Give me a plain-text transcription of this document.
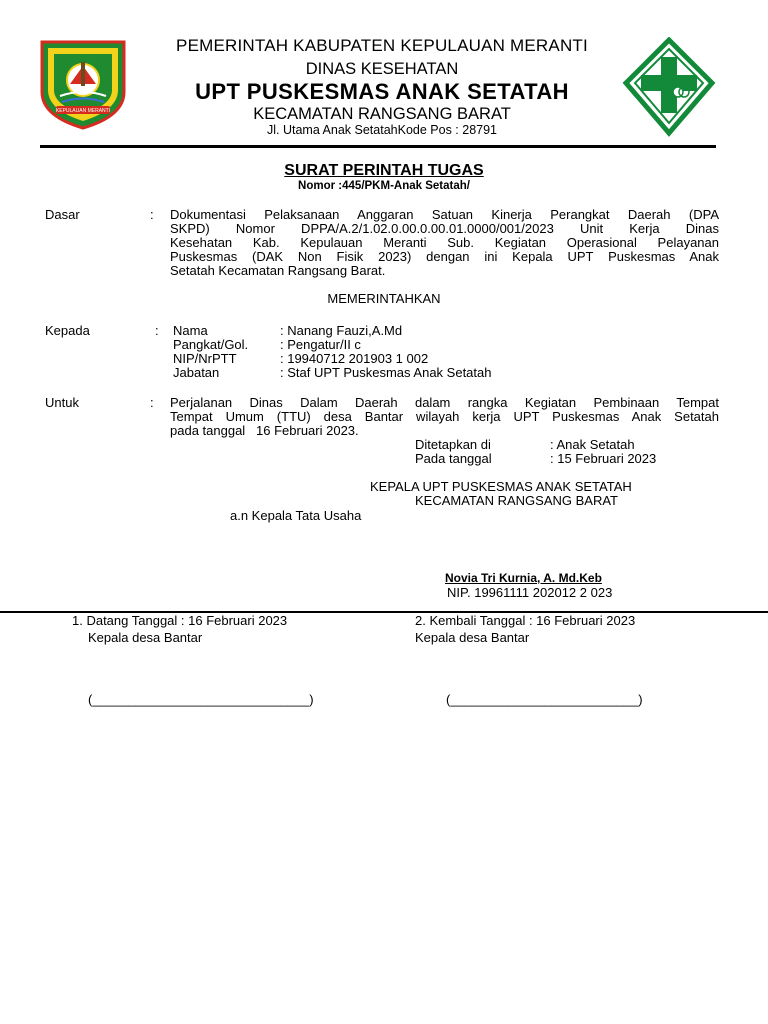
KEPULAUAN MERANTI
PEMERINTAH KABUPATEN KEPULAUAN MERANTI
DINAS KESEHATAN
UPT PUSKESMAS ANAK SETATAH
KECAMATAN RANGSANG BARAT
Jl. Utama Anak SetatahKode Pos : 28791
SURAT PERINTAH TUGAS
Nomor :445/PKM-Anak Setatah/
Dasar	: Dokumentasi Pelaksanaan Anggaran Satuan Kinerja Perangkat Daerah (DPA
SKPD) Nomor DPPA/A.2/1.02.0.00.0.00.01.0000/001/2023 Unit Kerja Dinas
Kesehatan Kab. Kepulauan Meranti Sub. Kegiatan Operasional Pelayanan
Puskesmas (DAK Non Fisik 2023) dengan ini Kepala UPT Puskesmas Anak
Setatah Kecamatan Rangsang Barat.
MEMERINTAHKAN
Kepada	: Nama	: Nanang Fauzi,A.Md
Pangkat/Gol. : Pengatur/II c
NIP/NrPTT	: 19940712 201903 1 002
Jabatan	: Staf UPT Puskesmas Anak Setatah
Untuk	: Perjalanan Dinas Dalam Daerah dalam rangka Kegiatan Pembinaan Tempat
Tempat Umum (TTU) desa Bantar wilayah kerja UPT Puskesmas Anak Setatah
pada tanggal   16 Februari 2023.
Ditetapkan di	: Anak Setatah
Pada tanggal	: 15 Februari 2023
KEPALA UPT PUSKESMAS ANAK SETATAH
KECAMATAN RANGSANG BARAT
a.n Kepala Tata Usaha
Novia Tri Kurnia, A. Md.Keb
NIP. 19961111 202012 2 023
1. Datang Tanggal : 16 Februari 2023
Kepala desa Bantar
(______________________________)
2. Kembali Tanggal : 16 Februari 2023
Kepala desa Bantar
(__________________________)
